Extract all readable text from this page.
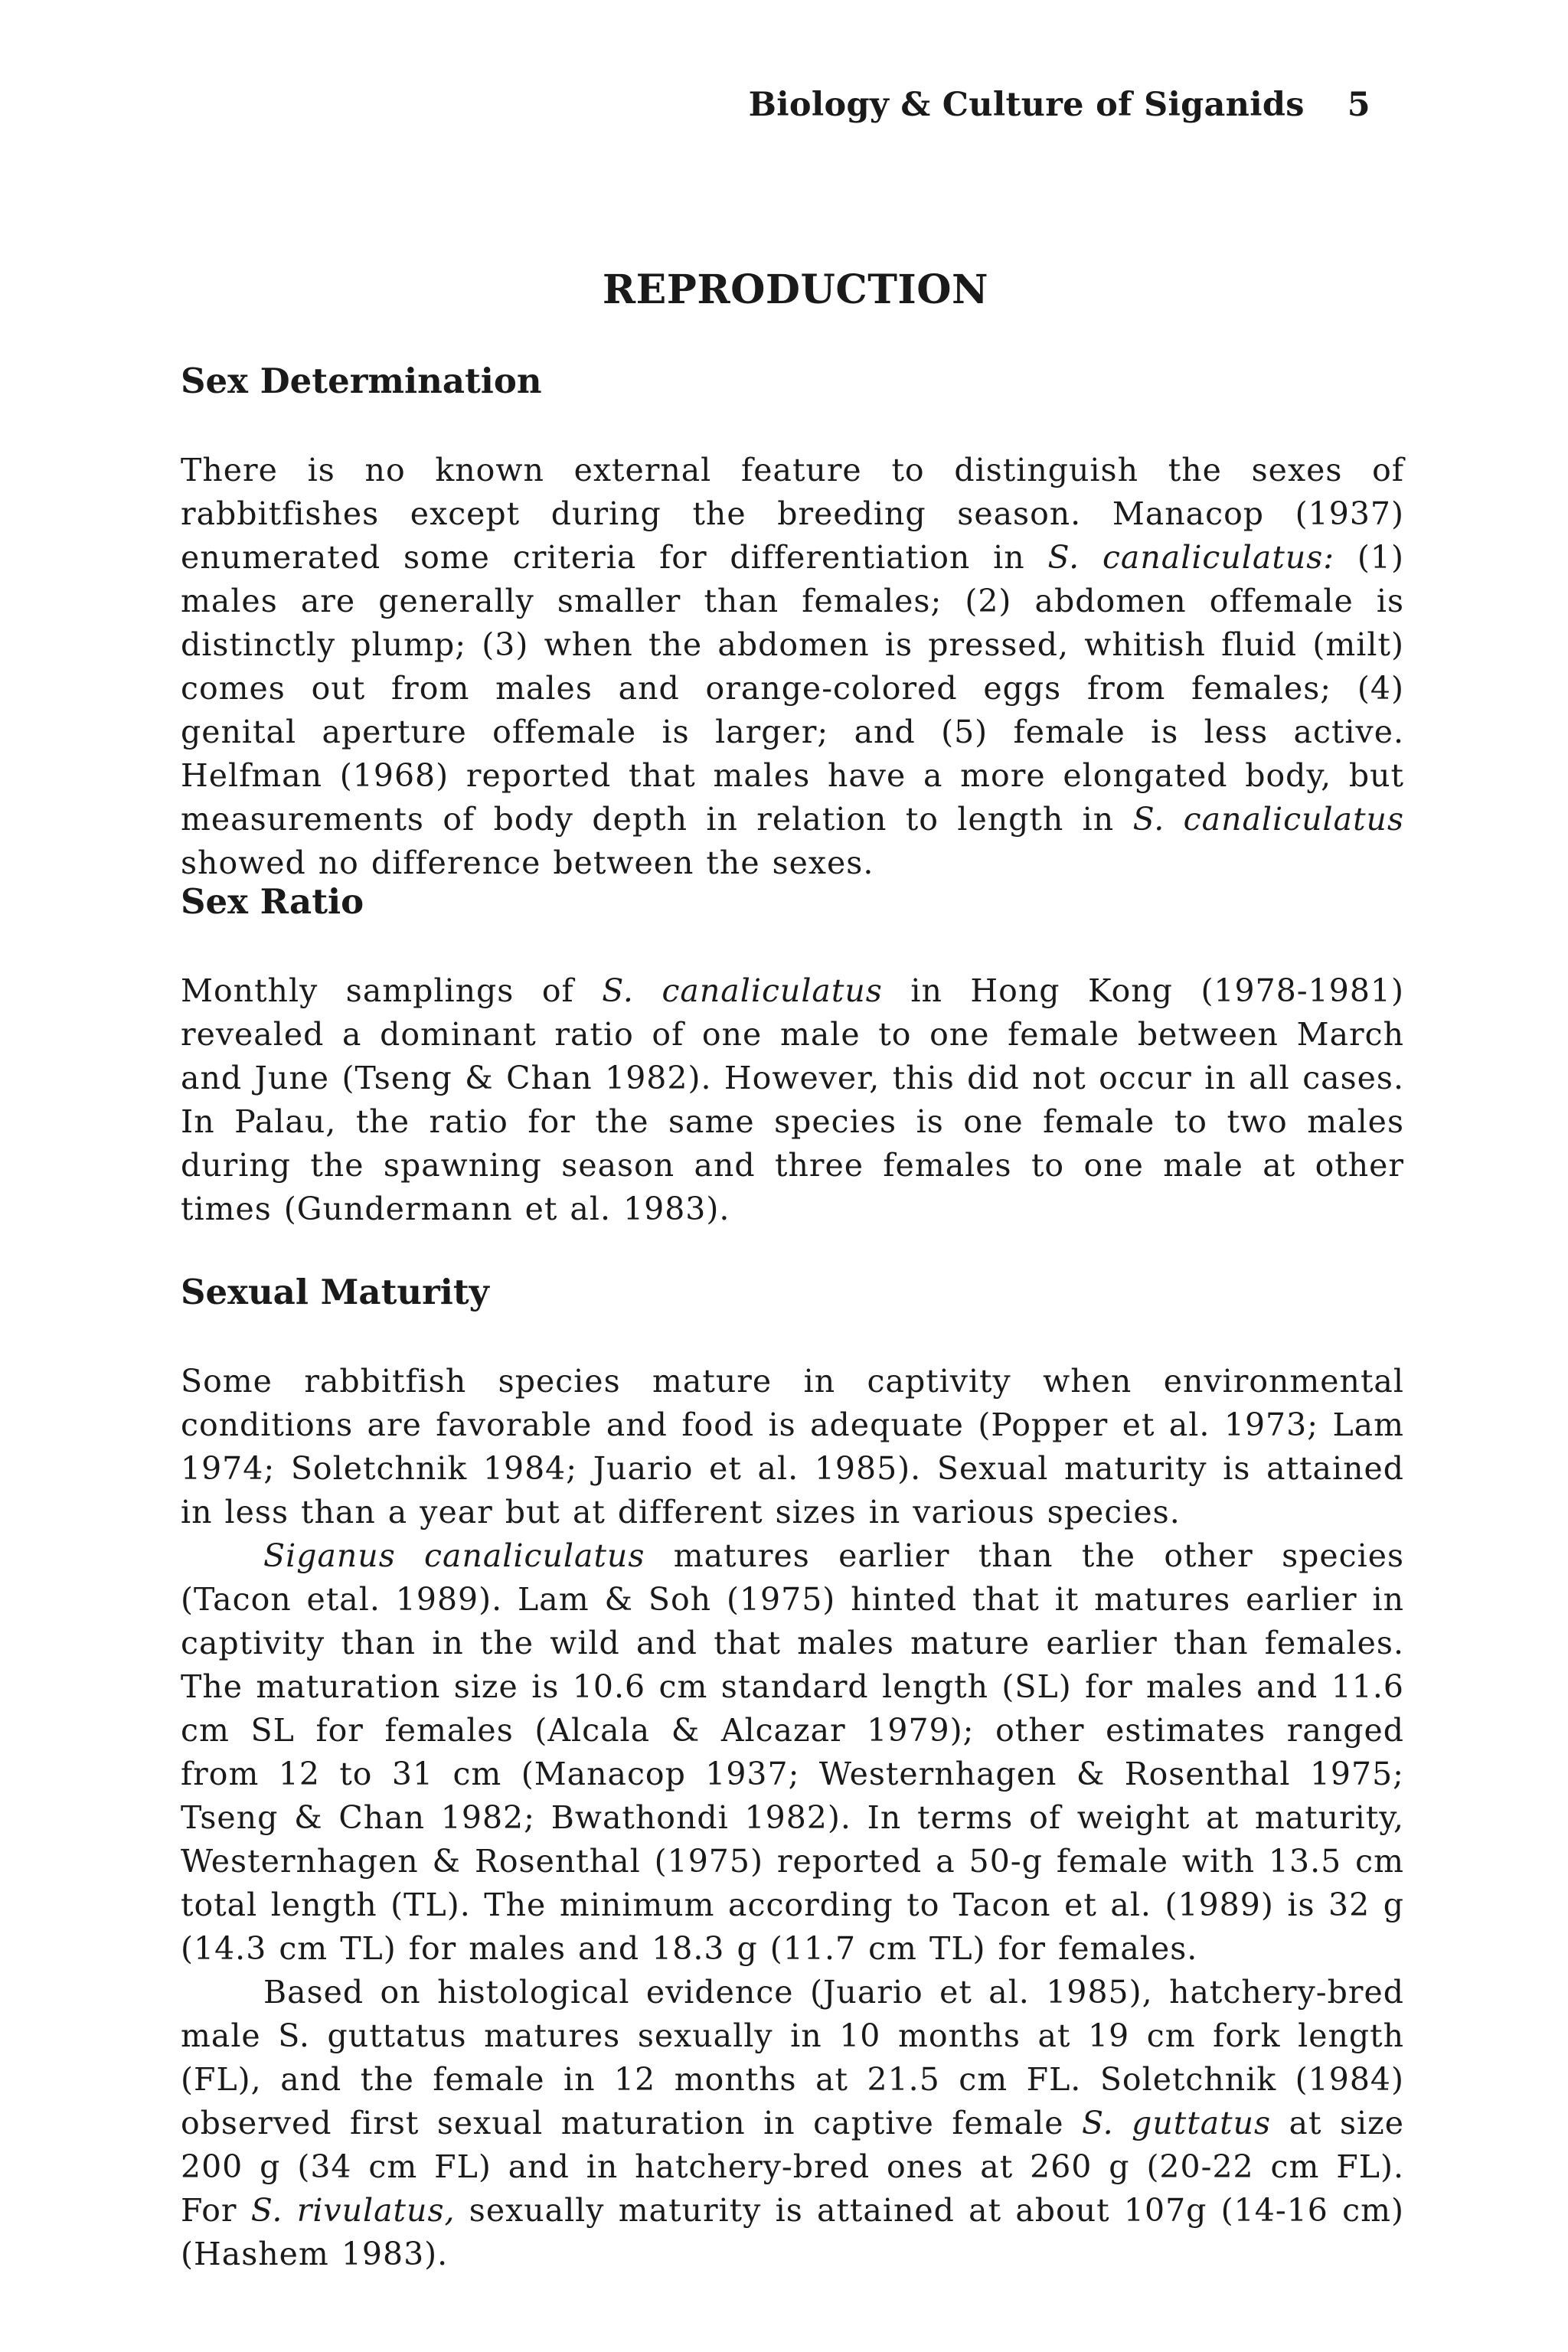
Biology & Culture of Siganids 5
REPRODUCTION
Sex Determination

There is no known external feature to distinguish the sexes of rabbitfishes except during the breeding season. Manacop (1937) enumerated some criteria for differentiation in S. canaliculatus: (1) males are generally smaller than females; (2) abdomen offemale is distinctly plump; (3) when the abdomen is pressed, whitish fluid (milt) comes out from males and orange-colored eggs from females; (4) genital aperture offemale is larger; and (5) female is less active. Helfman (1968) reported that males have a more elongated body, but measurements of body depth in relation to length in S. canaliculatus showed no difference between the sexes.

Sex Ratio

Monthly samplings of S. canaliculatus in Hong Kong (1978-1981) revealed a dominant ratio of one male to one female between March and June (Tseng & Chan 1982). However, this did not occur in all cases. In Palau, the ratio for the same species is one female to two males during the spawning season and three females to one male at other times (Gundermann et al. 1983).

Sexual Maturity

Some rabbitfish species mature in captivity when environmental conditions are favorable and food is adequate (Popper et al. 1973; Lam 1974; Soletchnik 1984; Juario et al. 1985). Sexual maturity is attained in less than a year but at different sizes in various species.

Siganus canaliculatus matures earlier than the other species (Tacon etal. 1989). Lam & Soh (1975) hinted that it matures earlier in captivity than in the wild and that males mature earlier than females. The maturation size is 10.6 cm standard length (SL) for males and 11.6 cm SL for females (Alcala & Alcazar 1979); other estimates ranged from 12 to 31 cm (Manacop 1937; Westernhagen & Rosenthal 1975; Tseng & Chan 1982; Bwathondi 1982). In terms of weight at maturity, Westernhagen & Rosenthal (1975) reported a 50-g female with 13.5 cm total length (TL). The minimum according to Tacon et al. (1989) is 32 g (14.3 cm TL) for males and 18.3 g (11.7 cm TL) for females.

Based on histological evidence (Juario et al. 1985), hatchery-bred male S. guttatus matures sexually in 10 months at 19 cm fork length (FL), and the female in 12 months at 21.5 cm FL. Soletchnik (1984) observed first sexual maturation in captive female S. guttatus at size 200 g (34 cm FL) and in hatchery-bred ones at 260 g (20-22 cm FL). For S. rivulatus, sexually maturity is attained at about 107g (14-16 cm) (Hashem 1983).
